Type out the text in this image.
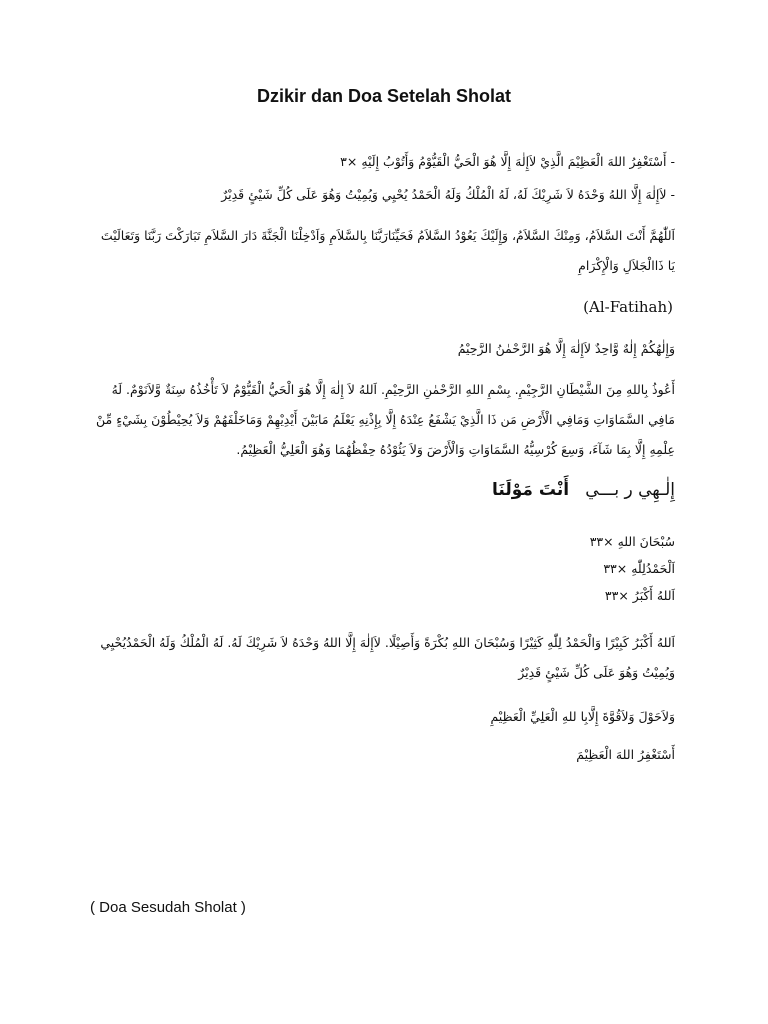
Dzikir dan Doa Setelah Sholat
- أَسْتَغْفِرُ اللهَ الْعَظِيْمَ الَّذِيْ لاَإِلٰهَ إِلَّا هُوَ الْحَيُّ الْقَيُّوْمُ وَأَتُوْبُ إِلَيْهِ ×٣
- لاَإِلٰهَ إِلَّا اللهُ وَحْدَهُ لاَ شَرِيْكَ لَهُ، لَهُ الْمُلْكُ وَلَهُ الْحَمْدُ يُحْيِي وَيُمِيْتُ وَهُوَ عَلَى كُلِّ شَيْئٍ قَدِيْرٌ
اَللّٰهُمَّ أَنْتَ السَّلاَمُ، وَمِنْكَ السَّلاَمُ، وَإِلَيْكَ يَعُوْدُ السَّلاَمُ فَحَيِّنَارَبَّنَا بِالسَّلاَمِ وَاَدْخِلْنَا الْجَنَّةَ دَارَ السَّلاَمِ تَبَارَكْتَ رَبَّنَا وَتَعَالَيْتَ يَا ذَاالْجَلاَلِ وَالْإِكْرَامِ
(Al-Fatihah)
وَإِلٰهُكُمْ إِلٰهٌ وَّاحِدٌ لاَإِلٰهَ إِلَّا هُوَ الرَّحْمٰنُ الرَّحِيْمُ
أَعُوذُ بِاللهِ مِنَ الشَّيْطَانِ الرَّجِيْمِ. بِسْمِ اللهِ الرَّحْمٰنِ الرَّحِيْمِ. اَللهُ لاَ إِلٰهَ إِلَّا هُوَ الْحَيُّ الْقَيُّوْمُ لاَ تَأْخُذُهُ سِنَةٌ وَّلاَنَوْمٌ. لَهُ مَافِي السَّمَاوَاتِ وَمَافِي الْأَرْضِ مَن ذَا الَّذِيْ يَشْفَعُ عِنْدَهُ إِلَّا بِإِذْنِهِ يَعْلَمُ مَابَيْنَ أَيْدِيْهِمْ وَمَاخَلْفَهُمْ وَلاَ يُحِيْطُوْنَ بِشَيْءٍ مِّنْ عِلْمِهِ إِلَّا بِمَا شَآءَ، وَسِعَ كُرْسِيُّهُ السَّمَاوَاتِ وَالْأَرْضَ وَلاَ يَئُوْدُهُ حِفْظُهُمَا وَهُوَ الْعَلِيُّ الْعَظِيْمُ.
إِلٰـهِي ر بـــي   أَنْتَ مَوْلَنَا
سُبْحَانَ اللهِ ×٣٣
اَلْحَمْدُلِلّٰهِ ×٣٣
اَللهُ أَكْبَرُ ×٣٣
اَللهُ أَكْبَرُ كَبِيْرًا وَالْحَمْدُ لِلّٰهِ كَثِيْرًا وَسُبْحَانَ اللهِ بُكْرَةً وَأَصِيْلًا. لاَإِلٰهَ إِلَّا اللهُ وَحْدَهُ لاَ شَرِيْكَ لَهُ. لَهُ الْمُلْكُ وَلَهُ الْحَمْدُيُحْيِي وَيُمِيْتُ وَهُوَ عَلَى كُلِّ شَيْئٍ قَدِيْرٌ
وَلاَحَوْلَ وَلاَقُوَّةَ إِلَّابِا للهِ الْعَلِيِّ الْعَظِيْمِ
أَسْتَغْفِرُ اللهَ الْعَظِيْمَ
( Doa Sesudah Sholat )
